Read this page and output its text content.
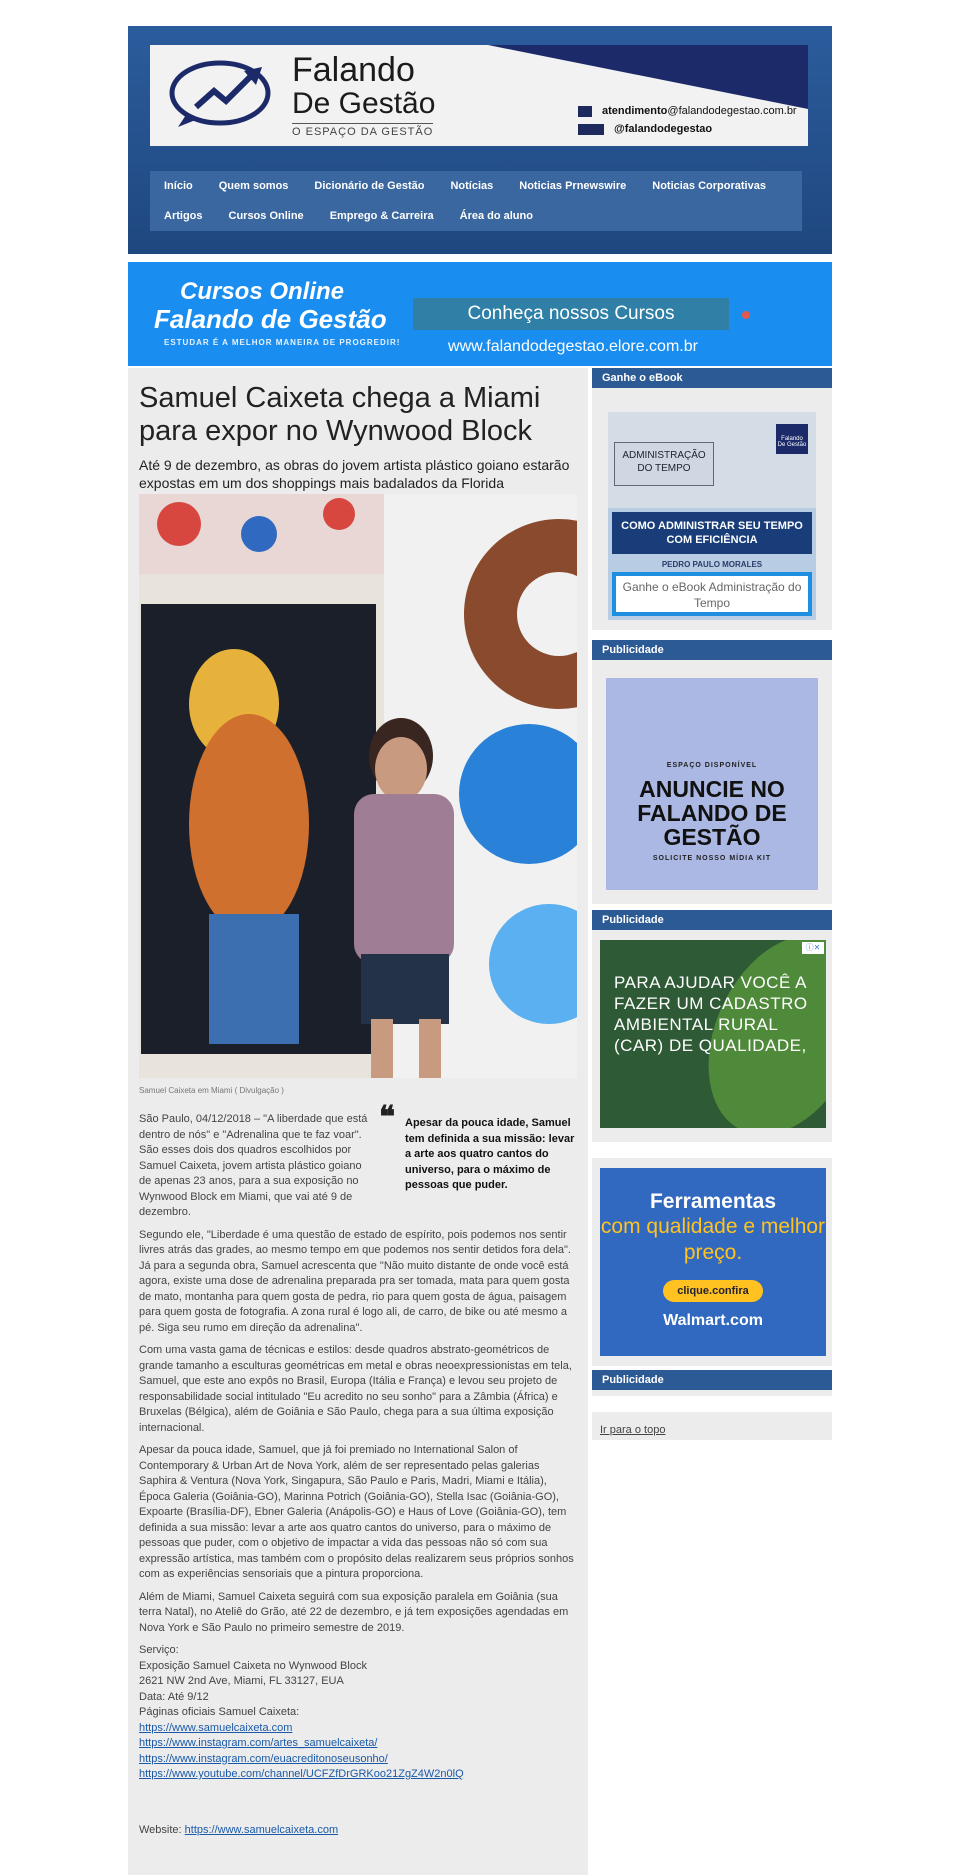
Falando
De Gestão
O ESPAÇO DA GESTÃO
atendimento @falandodegestao.com.br
@falandodegestao
Início Quem somos Dicionário de Gestão Notícias Noticias Prnewswire Noticias Corporativas
Artigos Cursos Online Emprego & Carreira Área do aluno
Cursos Online
Falando de Gestão
ESTUDAR É A MELHOR MANEIRA DE PROGREDIR!
Conheça nossos Cursos
www.falandodegestao.elore.com.br
Samuel Caixeta chega a Miami para expor no Wynwood Block
Até 9 de dezembro, as obras do jovem artista plástico goiano estarão expostas em um dos shoppings mais badalados da Florida
Samuel Caixeta em Miami ( Divulgação )

São Paulo, 04/12/2018 – "A liberdade que está dentro de nós" e "Adrenalina que te faz voar". São esses dois dos quadros escolhidos por Samuel Caixeta, jovem artista plástico goiano de apenas 23 anos, para a sua exposição no Wynwood Block em Miami, que vai até 9 de dezembro.

❝ Apesar da pouca idade, Samuel tem definida a sua missão: levar a arte aos quatro cantos do universo, para o máximo de pessoas que puder.

Segundo ele, "Liberdade é uma questão de estado de espírito, pois podemos nos sentir livres atrás das grades, ao mesmo tempo em que podemos nos sentir detidos fora dela". Já para a segunda obra, Samuel acrescenta que "Não muito distante de onde você está agora, existe uma dose de adrenalina preparada pra ser tomada, mata para quem gosta de mato, montanha para quem gosta de pedra, rio para quem gosta de água, paisagem para quem gosta de fotografia. A zona rural é logo ali, de carro, de bike ou até mesmo a pé. Siga seu rumo em direção da adrenalina".

Com uma vasta gama de técnicas e estilos: desde quadros abstrato-geométricos de grande tamanho a esculturas geométricas em metal e obras neoexpressionistas em tela, Samuel, que este ano expôs no Brasil, Europa (Itália e França) e levou seu projeto de responsabilidade social intitulado "Eu acredito no seu sonho" para a Zâmbia (África) e Bruxelas (Bélgica), além de Goiânia e São Paulo, chega para a sua última exposição internacional.

Apesar da pouca idade, Samuel, que já foi premiado no International Salon of Contemporary & Urban Art de Nova York, além de ser representado pelas galerias Saphira & Ventura (Nova York, Singapura, São Paulo e Paris, Madri, Miami e Itália), Época Galeria (Goiânia-GO), Marinna Potrich (Goiânia-GO), Stella Isac (Goiânia-GO), Expoarte (Brasília-DF), Ebner Galeria (Anápolis-GO) e Haus of Love (Goiânia-GO), tem definida a sua missão: levar a arte aos quatro cantos do universo, para o máximo de pessoas que puder, com o objetivo de impactar a vida das pessoas não só com sua expressão artística, mas também com o propósito delas realizarem seus próprios sonhos com as experiências sensoriais que a pintura proporciona.

Além de Miami, Samuel Caixeta seguirá com sua exposição paralela em Goiânia (sua terra Natal), no Ateliê do Grão, até 22 de dezembro, e já tem exposições agendadas em Nova York e São Paulo no primeiro semestre de 2019.

Serviço:
Exposição Samuel Caixeta no Wynwood Block
2621 NW 2nd Ave, Miami, FL 33127, EUA
Data: Até 9/12
Páginas oficiais Samuel Caixeta:
https://www.samuelcaixeta.com
https://www.instagram.com/artes_samuelcaixeta/
https://www.instagram.com/euacreditonoseusonho/
https://www.youtube.com/channel/UCFZfDrGRKoo21ZgZ4W2n0lQ
Website: https://www.samuelcaixeta.com
Ganhe o eBook
Falando
De Gestão
ADMINISTRAÇÃO DO TEMPO
COMO ADMINISTRAR SEU TEMPO COM EFICIÊNCIA
PEDRO PAULO MORALES
Ganhe o eBook Administração do Tempo
Publicidade
ESPAÇO DISPONÍVEL
ANUNCIE NO FALANDO DE GESTÃO
SOLICITE NOSSO MÍDIA KIT
Publicidade
ⓘ✕
PARA AJUDAR VOCÊ A FAZER UM CADASTRO AMBIENTAL RURAL (CAR) DE QUALIDADE,
Ferramentas
com qualidade e melhor preço.
clique.confira
Walmart.com
Publicidade
Ir para o topo
